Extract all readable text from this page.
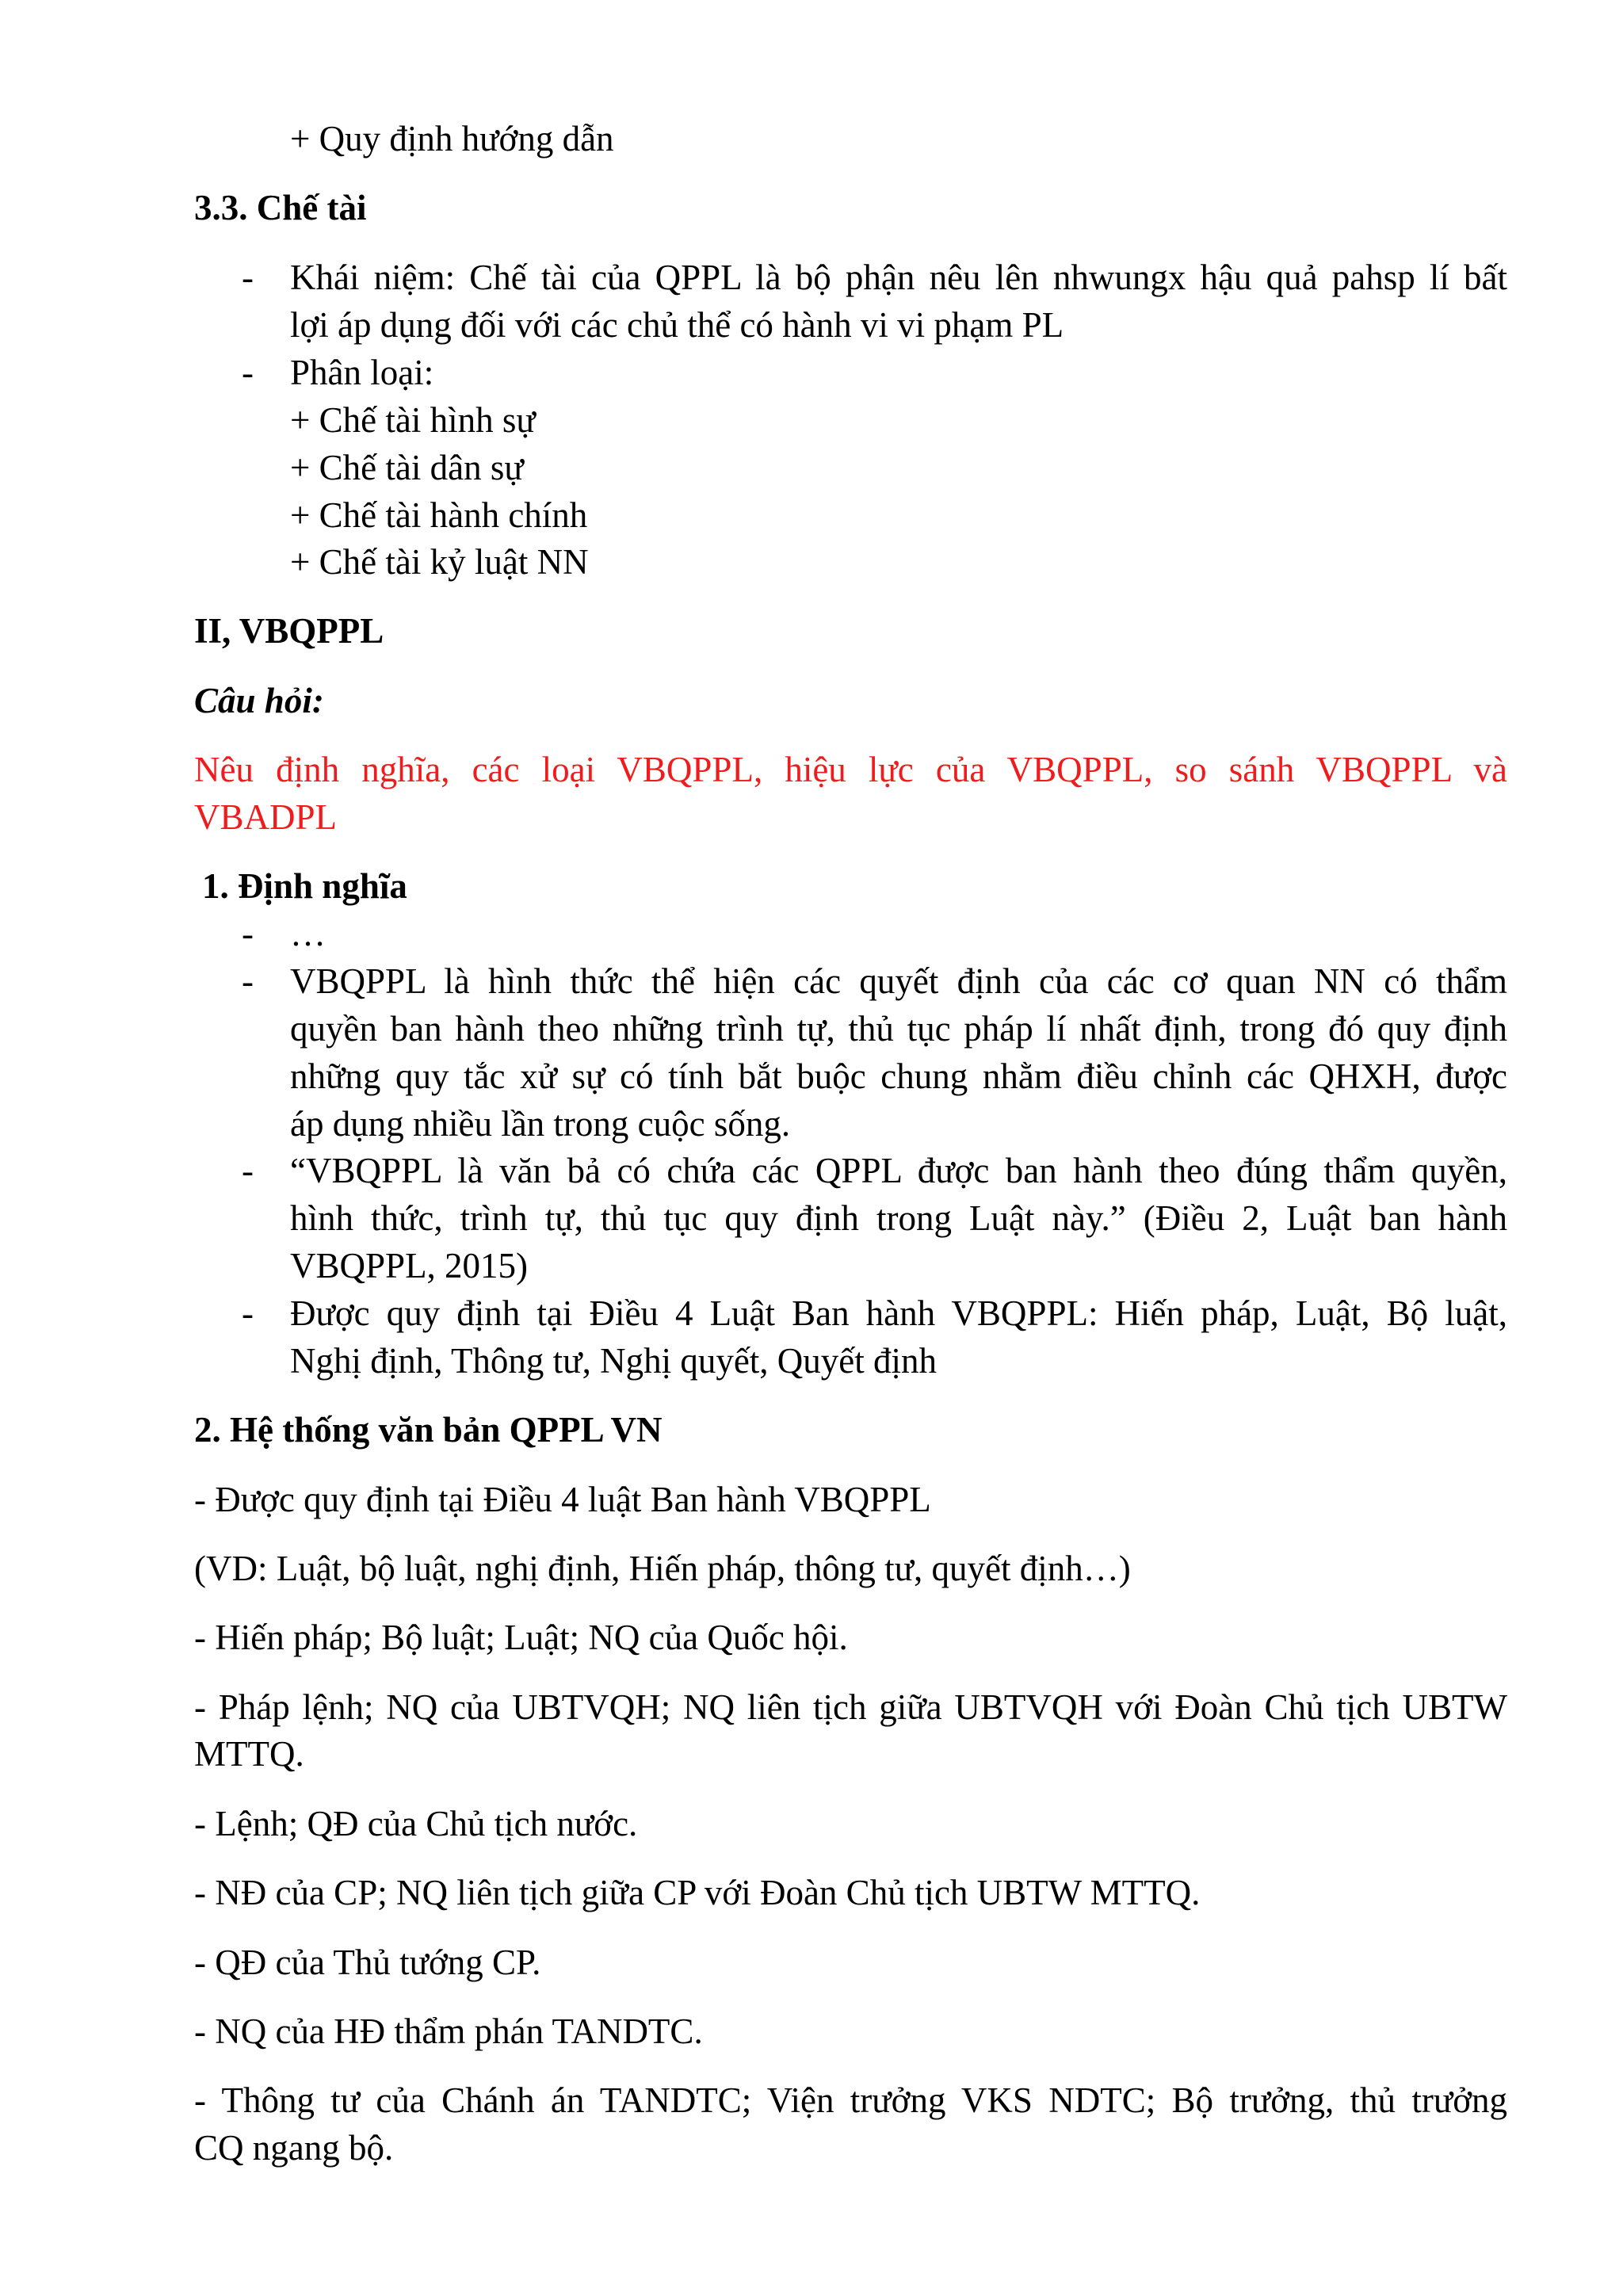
+ Quy định hướng dẫn
3.3. Chế tài
- Khái niệm: Chế tài của QPPL là bộ phận nêu lên nhwungx hậu quả pahsp lí bất
lợi áp dụng đối với các chủ thể có hành vi vi phạm PL
- Phân loại:
+ Chế tài hình sự
+ Chế tài dân sự
+ Chế tài hành chính
+ Chế tài kỷ luật NN
II, VBQPPL
Câu hỏi:
Nêu định nghĩa, các loại VBQPPL, hiệu lực của VBQPPL, so sánh VBQPPL và
VBADPL
1. Định nghĩa
- …
- VBQPPL là hình thức thể hiện các quyết định của các cơ quan NN có thẩm
quyền ban hành theo những trình tự, thủ tục pháp lí nhất định, trong đó quy định
những quy tắc xử sự có tính bắt buộc chung nhằm điều chỉnh các QHXH, được
áp dụng nhiều lần trong cuộc sống.
- “VBQPPL là văn bả có chứa các QPPL được ban hành theo đúng thẩm quyền,
hình thức, trình tự, thủ tục quy định trong Luật này.” (Điều 2, Luật ban hành
VBQPPL, 2015)
- Được quy định tại Điều 4 Luật Ban hành VBQPPL: Hiến pháp, Luật, Bộ luật,
Nghị định, Thông tư, Nghị quyết, Quyết định
2. Hệ thống văn bản QPPL VN
- Được quy định tại Điều 4 luật Ban hành VBQPPL
(VD: Luật, bộ luật, nghị định, Hiến pháp, thông tư, quyết định…)
- Hiến pháp; Bộ luật; Luật; NQ của Quốc hội.
- Pháp lệnh; NQ của UBTVQH; NQ liên tịch giữa UBTVQH với Đoàn Chủ tịch UBTW
MTTQ.
- Lệnh; QĐ của Chủ tịch nước.
- NĐ của CP; NQ liên tịch giữa CP với Đoàn Chủ tịch UBTW MTTQ.
- QĐ của Thủ tướng CP.
- NQ của HĐ thẩm phán TANDTC.
- Thông tư của Chánh án TANDTC; Viện trưởng VKS NDTC; Bộ trưởng, thủ trưởng
CQ ngang bộ.
